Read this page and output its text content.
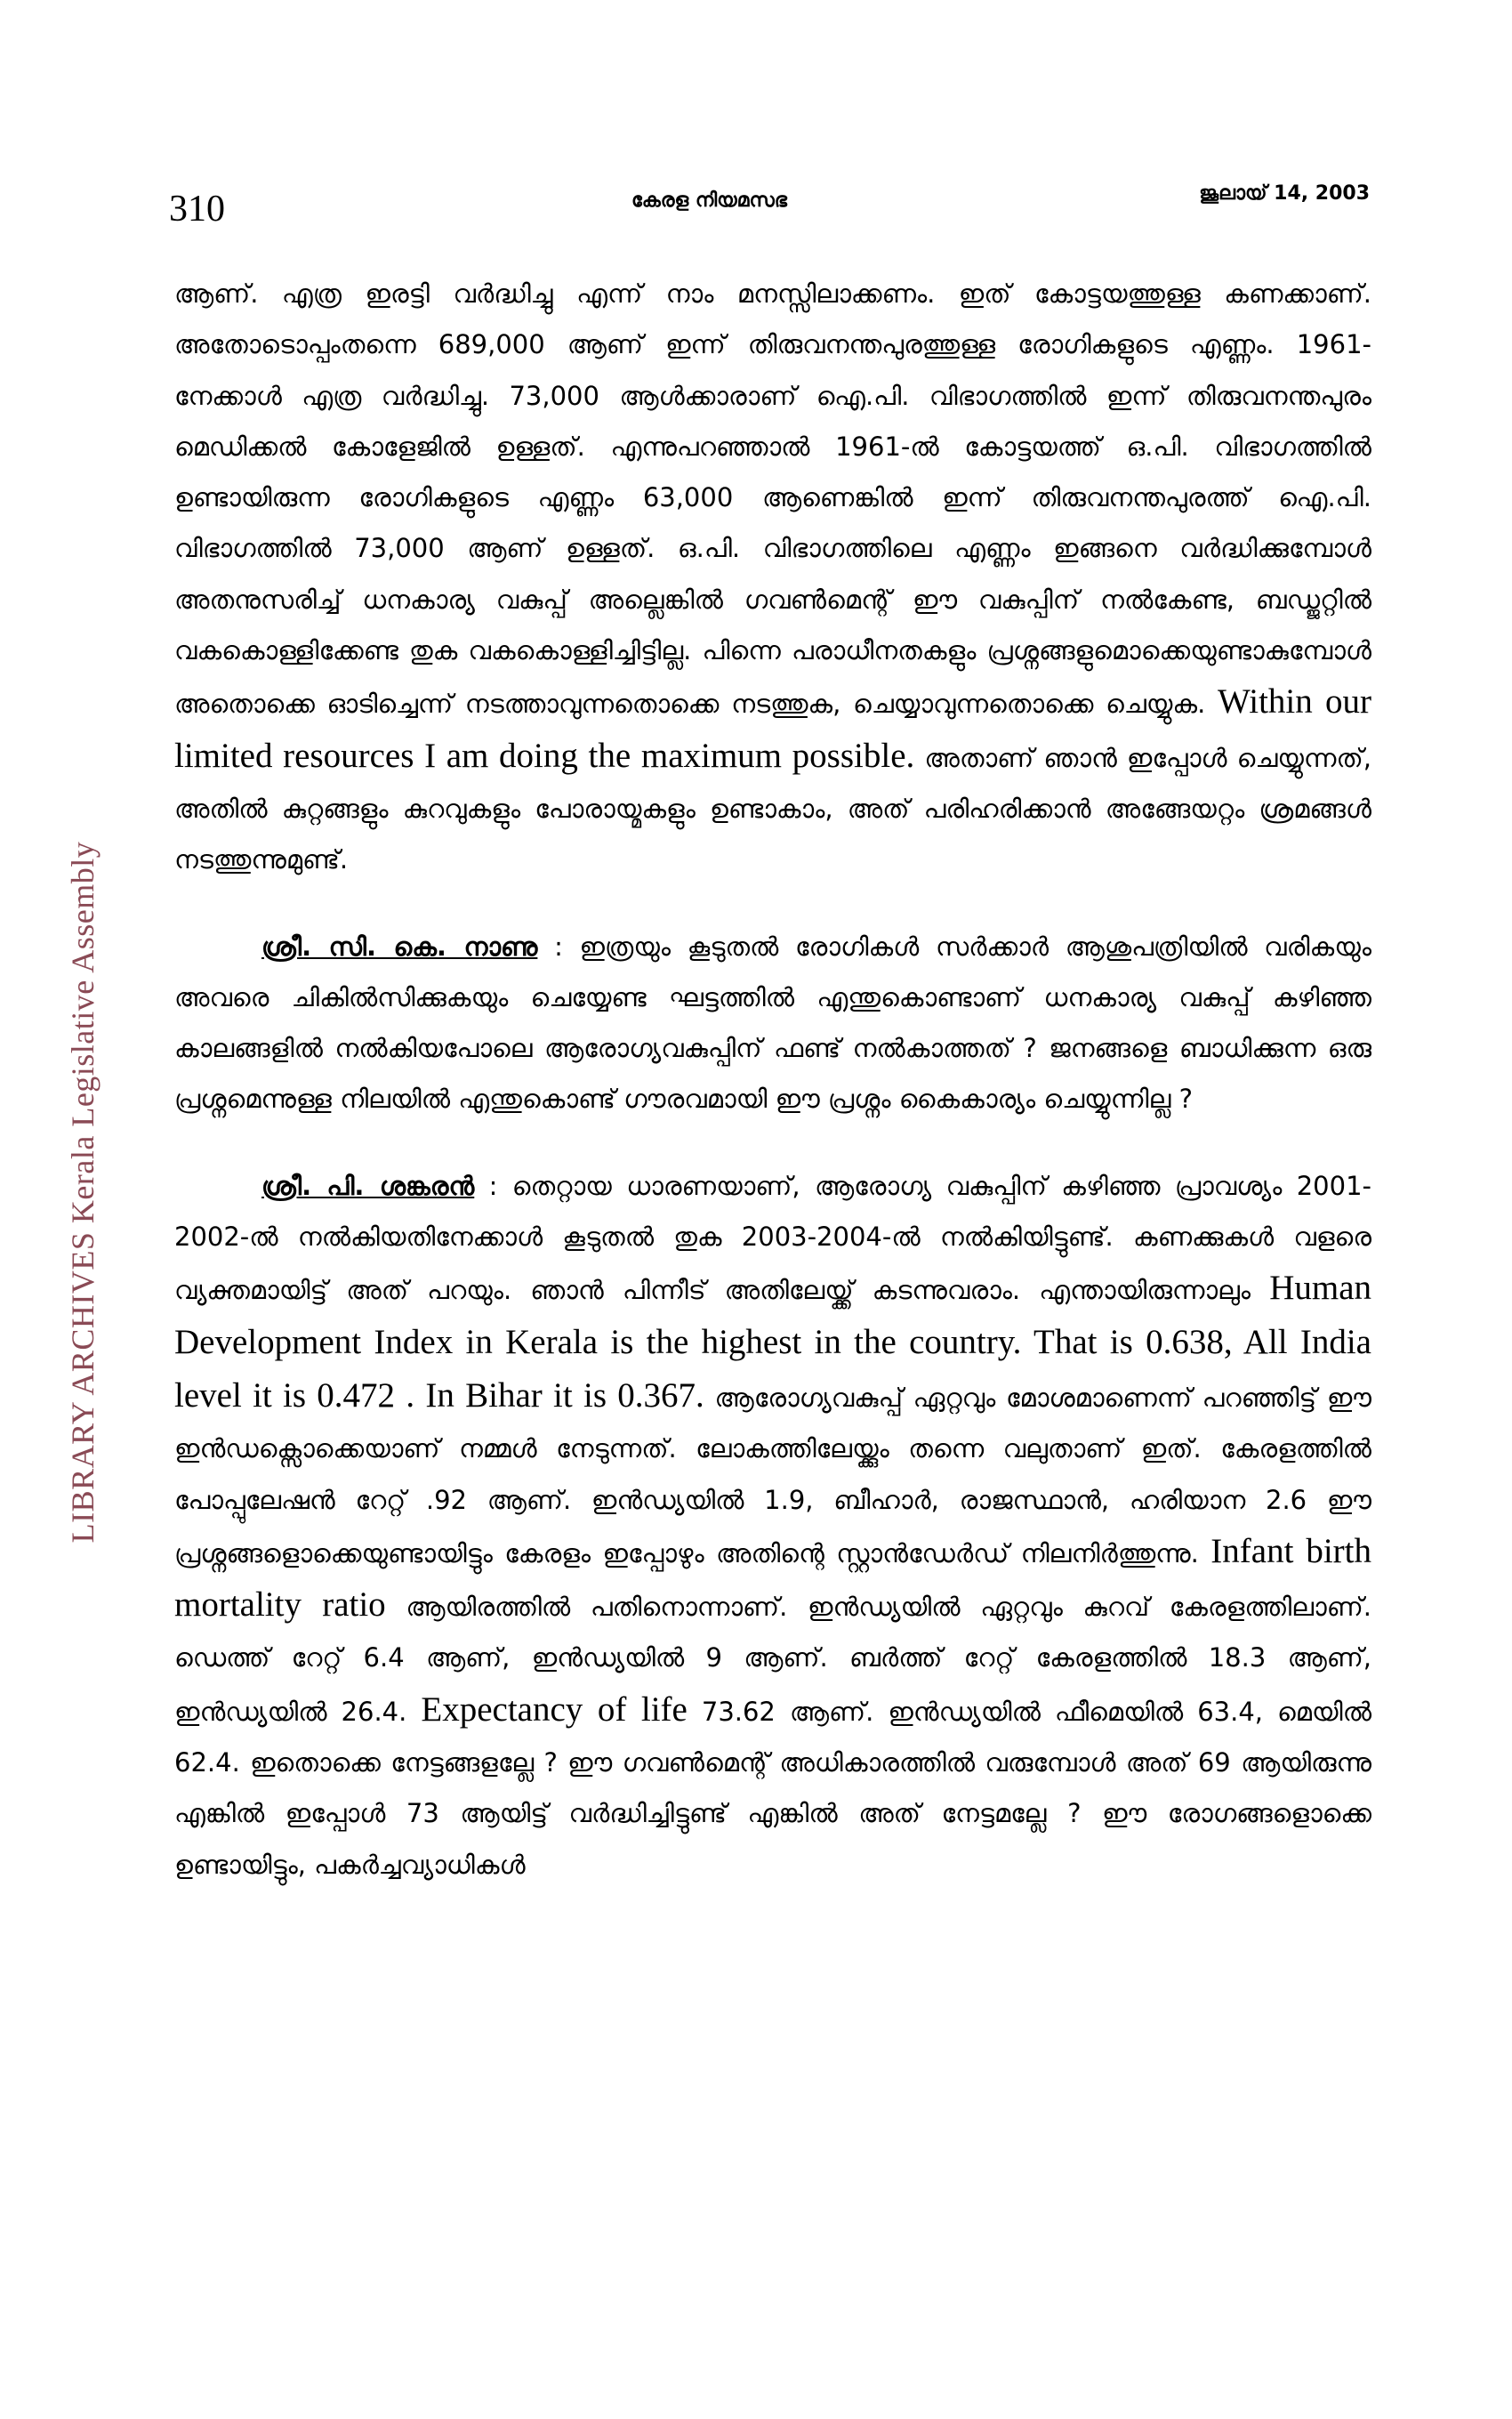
LIBRARY ARCHIVES Kerala Legislative Assembly
310	കേരള നിയമസഭ	ജൂലായ് 14, 2003

ആണ്. എത്ര ഇരട്ടി വർദ്ധിച്ചു എന്ന് നാം മനസ്സിലാക്കണം. ഇത് കോട്ടയത്തുള്ള കണക്കാണ്. അതോടൊപ്പംതന്നെ 689,000 ആണ് ഇന്ന് തിരുവനന്തപുരത്തുള്ള രോഗികളുടെ എണ്ണം. 1961-നേക്കാൾ എത്ര വർദ്ധിച്ചു. 73,000 ആൾക്കാരാണ് ഐ.പി. വിഭാഗത്തിൽ ഇന്ന് തിരുവനന്തപുരം മെഡിക്കൽ കോളേജിൽ ഉള്ളത്. എന്നുപറഞ്ഞാൽ 1961-ൽ കോട്ടയത്ത് ഒ.പി. വിഭാഗത്തിൽ ഉണ്ടായിരുന്ന രോഗികളുടെ എണ്ണം 63,000 ആണെങ്കിൽ ഇന്ന് തിരുവനന്തപുരത്ത് ഐ.പി. വിഭാഗത്തിൽ 73,000 ആണ് ഉള്ളത്. ഒ.പി. വിഭാഗത്തിലെ എണ്ണം ഇങ്ങനെ വർദ്ധിക്കുമ്പോൾ അതനുസരിച്ച് ധനകാര്യ വകുപ്പ് അല്ലെങ്കിൽ ഗവൺമെന്റ് ഈ വകുപ്പിന് നൽകേണ്ട, ബഡ്ജറ്റിൽ വകകൊള്ളിക്കേണ്ട തുക വകകൊള്ളിച്ചിട്ടില്ല. പിന്നെ പരാധീനതകളും പ്രശ്നങ്ങളുമൊക്കെയുണ്ടാകുമ്പോൾ അതൊക്കെ ഓടിച്ചെന്ന് നടത്താവുന്നതൊക്കെ നടത്തുക, ചെയ്യാവുന്നതൊക്കെ ചെയ്യുക. Within our limited resources I am doing the maximum possible. അതാണ് ഞാൻ ഇപ്പോൾ ചെയ്യുന്നത്, അതിൽ കുറ്റങ്ങളും കുറവുകളും പോരായ്മകളും ഉണ്ടാകാം, അത് പരിഹരിക്കാൻ അങ്ങേയറ്റം ശ്രമങ്ങൾ നടത്തുന്നുമുണ്ട്.

ശ്രീ. സി. കെ. നാണു : ഇത്രയും കൂടുതൽ രോഗികൾ സർക്കാർ ആശുപത്രിയിൽ വരികയും അവരെ ചികിൽസിക്കുകയും ചെയ്യേണ്ട ഘട്ടത്തിൽ എന്തുകൊണ്ടാണ് ധനകാര്യ വകുപ്പ് കഴിഞ്ഞ കാലങ്ങളിൽ നൽകിയപോലെ ആരോഗ്യവകുപ്പിന് ഫണ്ട് നൽകാത്തത് ? ജനങ്ങളെ ബാധിക്കുന്ന ഒരു പ്രശ്നമെന്നുള്ള നിലയിൽ എന്തുകൊണ്ട് ഗൗരവമായി ഈ പ്രശ്നം കൈകാര്യം ചെയ്യുന്നില്ല ?

ശ്രീ. പി. ശങ്കരൻ : തെറ്റായ ധാരണയാണ്, ആരോഗ്യ വകുപ്പിന് കഴിഞ്ഞ പ്രാവശ്യം 2001-2002-ൽ നൽകിയതിനേക്കാൾ കൂടുതൽ തുക 2003-2004-ൽ നൽകിയിട്ടുണ്ട്. കണക്കുകൾ വളരെ വ്യക്തമായിട്ട് അത് പറയും. ഞാൻ പിന്നീട് അതിലേയ്ക്ക് കടന്നുവരാം. എന്തായിരുന്നാലും Human Development Index in Kerala is the highest in the country. That is 0.638, All India level it is 0.472 . In Bihar it is 0.367. ആരോഗ്യവകുപ്പ് ഏറ്റവും മോശമാണെന്ന് പറഞ്ഞിട്ട് ഈ ഇൻഡക്സൊക്കെയാണ് നമ്മൾ നേടുന്നത്. ലോകത്തിലേയ്ക്കും തന്നെ വലുതാണ് ഇത്. കേരളത്തിൽ പോപ്പുലേഷൻ റേറ്റ് .92 ആണ്. ഇൻഡ്യയിൽ 1.9, ബീഹാർ, രാജസ്ഥാൻ, ഹരിയാന 2.6 ഈ പ്രശ്നങ്ങളൊക്കെയുണ്ടായിട്ടും കേരളം ഇപ്പോഴും അതിന്റെ സ്റ്റാൻഡേർഡ് നിലനിർത്തുന്നു. Infant birth mortality ratio ആയിരത്തിൽ പതിനൊന്നാണ്. ഇൻഡ്യയിൽ ഏറ്റവും കുറവ് കേരളത്തിലാണ്. ഡെത്ത് റേറ്റ് 6.4 ആണ്, ഇൻഡ്യയിൽ 9 ആണ്. ബർത്ത് റേറ്റ് കേരളത്തിൽ 18.3 ആണ്, ഇൻഡ്യയിൽ 26.4. Expectancy of life 73.62 ആണ്. ഇൻഡ്യയിൽ ഫീമെയിൽ 63.4, മെയിൽ 62.4. ഇതൊക്കെ നേട്ടങ്ങളല്ലേ ? ഈ ഗവൺമെന്റ് അധികാരത്തിൽ വരുമ്പോൾ അത് 69 ആയിരുന്നു എങ്കിൽ ഇപ്പോൾ 73 ആയിട്ട് വർദ്ധിച്ചിട്ടുണ്ട് എങ്കിൽ അത് നേട്ടമല്ലേ ? ഈ രോഗങ്ങളൊക്കെ ഉണ്ടായിട്ടും, പകർച്ചവ്യാധികൾ
